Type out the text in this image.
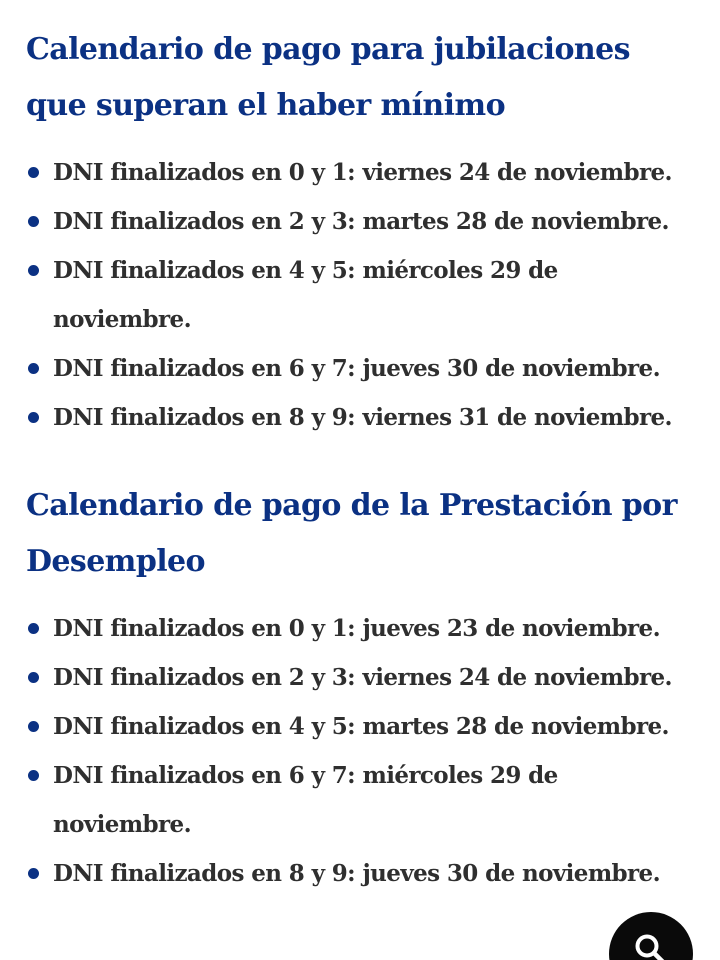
Calendario de pago para jubilaciones que superan el haber mínimo
DNI finalizados en 0 y 1: viernes 24 de noviembre.
DNI finalizados en 2 y 3: martes 28 de noviembre.
DNI finalizados en 4 y 5: miércoles 29 de noviembre.
DNI finalizados en 6 y 7: jueves 30 de noviembre.
DNI finalizados en 8 y 9: viernes 31 de noviembre.
Calendario de pago de la Prestación por Desempleo
DNI finalizados en 0 y 1: jueves 23 de noviembre.
DNI finalizados en 2 y 3: viernes 24 de noviembre.
DNI finalizados en 4 y 5: martes 28 de noviembre.
DNI finalizados en 6 y 7: miércoles 29 de noviembre.
DNI finalizados en 8 y 9: jueves 30 de noviembre.
